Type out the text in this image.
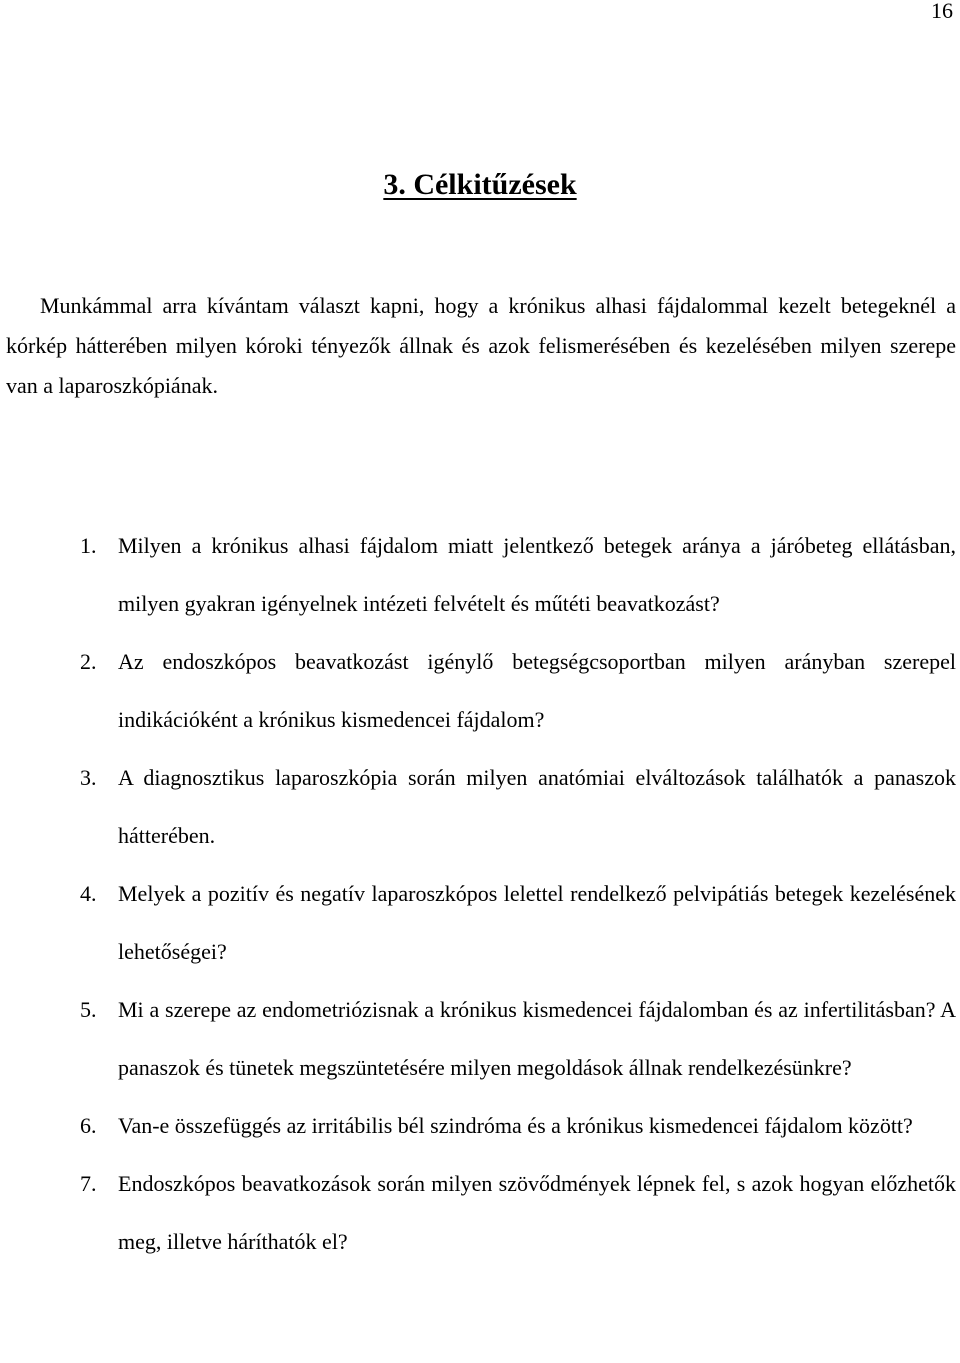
16
3. Célkitűzések

Munkámmal arra kívántam választ kapni, hogy a krónikus alhasi fájdalommal kezelt betegeknél a kórkép hátterében milyen kóroki tényezők állnak és azok felismerésében és kezelésében milyen szerepe van a laparoszkópiának.

1. Milyen a krónikus alhasi fájdalom miatt jelentkező betegek aránya a járóbeteg ellátásban, milyen gyakran igényelnek intézeti felvételt és műtéti beavatkozást?
2. Az endoszkópos beavatkozást igénylő betegségcsoportban milyen arányban szerepel indikációként a krónikus kismedencei fájdalom?
3. A diagnosztikus laparoszkópia során milyen anatómiai elváltozások találhatók a panaszok hátterében.
4. Melyek a pozitív és negatív laparoszkópos lelettel rendelkező pelvipátiás betegek kezelésének lehetőségei?
5. Mi a szerepe az endometriózisnak a krónikus kismedencei fájdalomban és az infertilitásban? A panaszok és tünetek megszüntetésére milyen megoldások állnak rendelkezésünkre?
6. Van-e összefüggés az irritábilis bél szindróma és a krónikus kismedencei fájdalom között?
7. Endoszkópos beavatkozások során milyen szövődmények lépnek fel, s azok hogyan előzhetők meg, illetve háríthatók el?
